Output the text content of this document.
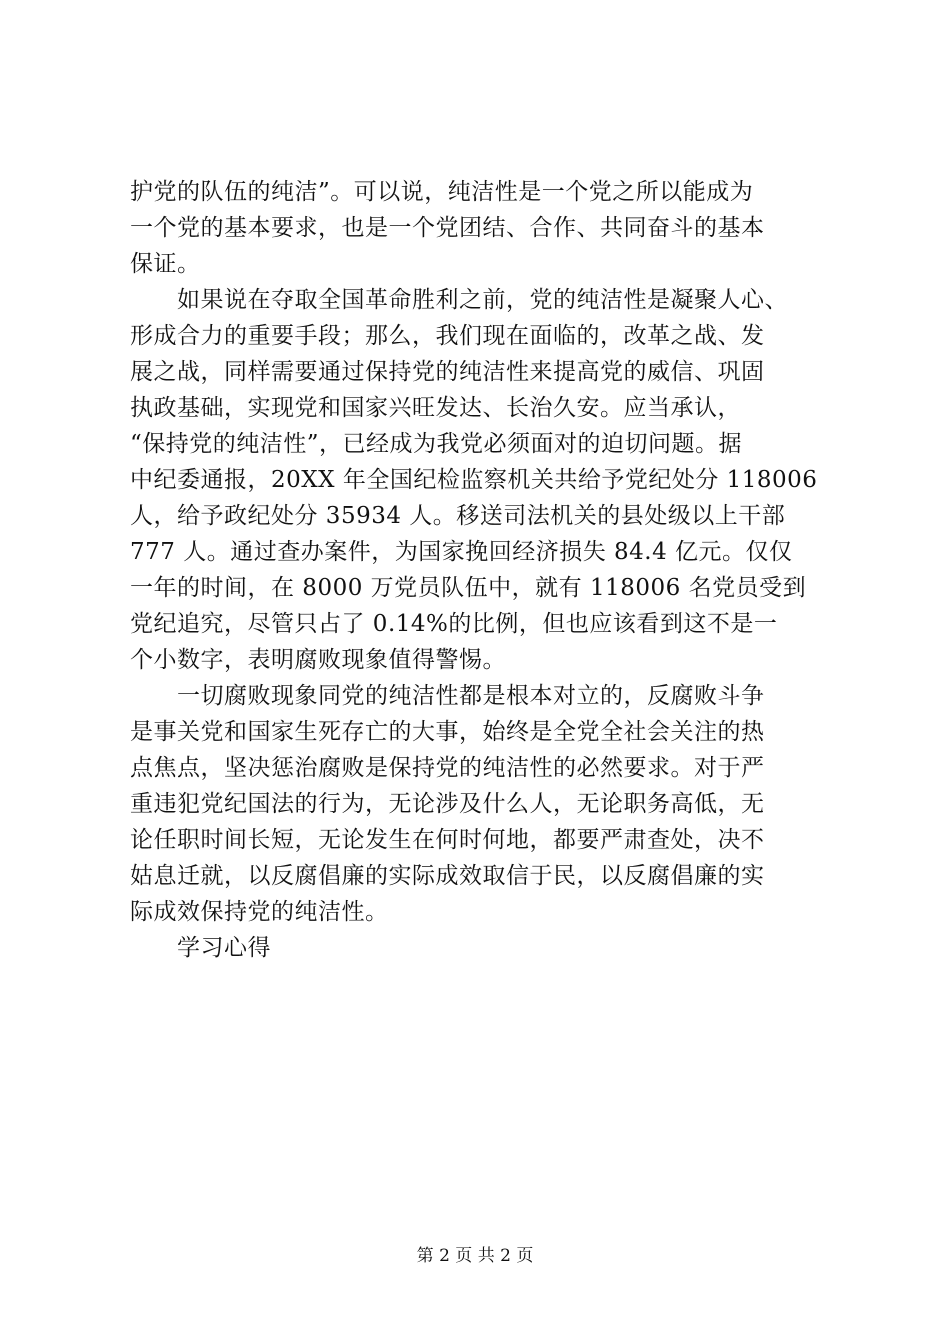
护党的队伍的纯洁”。可以说，纯洁性是一个党之所以能成为
一个党的基本要求，也是一个党团结、合作、共同奋斗的基本
保证。
　　如果说在夺取全国革命胜利之前，党的纯洁性是凝聚人心、
形成合力的重要手段；那么，我们现在面临的，改革之战、发
展之战，同样需要通过保持党的纯洁性来提高党的威信、巩固
执政基础，实现党和国家兴旺发达、长治久安。应当承认，
“保持党的纯洁性”，已经成为我党必须面对的迫切问题。据
中纪委通报，20XX 年全国纪检监察机关共给予党纪处分 118006
人，给予政纪处分 35934 人。移送司法机关的县处级以上干部
777 人。通过查办案件，为国家挽回经济损失 84.4 亿元。仅仅
一年的时间，在 8000 万党员队伍中，就有 118006 名党员受到
党纪追究，尽管只占了 0.14%的比例，但也应该看到这不是一
个小数字，表明腐败现象值得警惕。
　　一切腐败现象同党的纯洁性都是根本对立的，反腐败斗争
是事关党和国家生死存亡的大事，始终是全党全社会关注的热
点焦点，坚决惩治腐败是保持党的纯洁性的必然要求。对于严
重违犯党纪国法的行为，无论涉及什么人，无论职务高低，无
论任职时间长短，无论发生在何时何地，都要严肃查处，决不
姑息迁就，以反腐倡廉的实际成效取信于民，以反腐倡廉的实
际成效保持党的纯洁性。
　　学习心得
第 2 页 共 2 页
